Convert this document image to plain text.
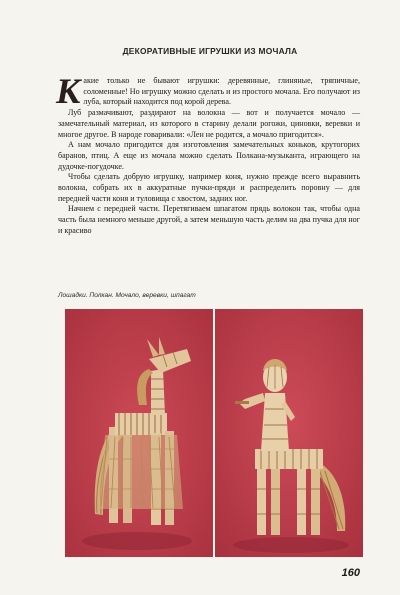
ДЕКОРАТИВНЫЕ ИГРУШКИ ИЗ МОЧАЛА

Какие только не бывают игрушки: деревянные, глиняные, тряпичные, соломенные! Но игрушку можно сделать и из простого мочала. Его получают из луба, который находится под корой дерева.

Луб размачивают, раздирают на волокна — вот и получается мочало — замечательный материал, из которого в старину делали рогожи, циновки, веревки и многое другое. В народе говаривали: «Лен не родится, а мочало пригодится».

А нам мочало пригодится для изготовления замечательных коньков, крутогорих баранов, птиц. А еще из мочала можно сделать Полкана-музыканта, играющего на дудочке-погудочке.

Чтобы сделать добрую игрушку, например коня, нужно прежде всего выравнить волокна, собрать их в аккуратные пучки-пряди и распределить поровну — для передней части коня и туловища с хвостом, задних ног.

Начнем с передней части. Перетягиваем шпагатом прядь волокон так, чтобы одна часть была немного меньше другой, а затем меньшую часть делим на два пучка для ног и красиво

Лошадки. Полкан. Мочало, веревки, шпагат
160
